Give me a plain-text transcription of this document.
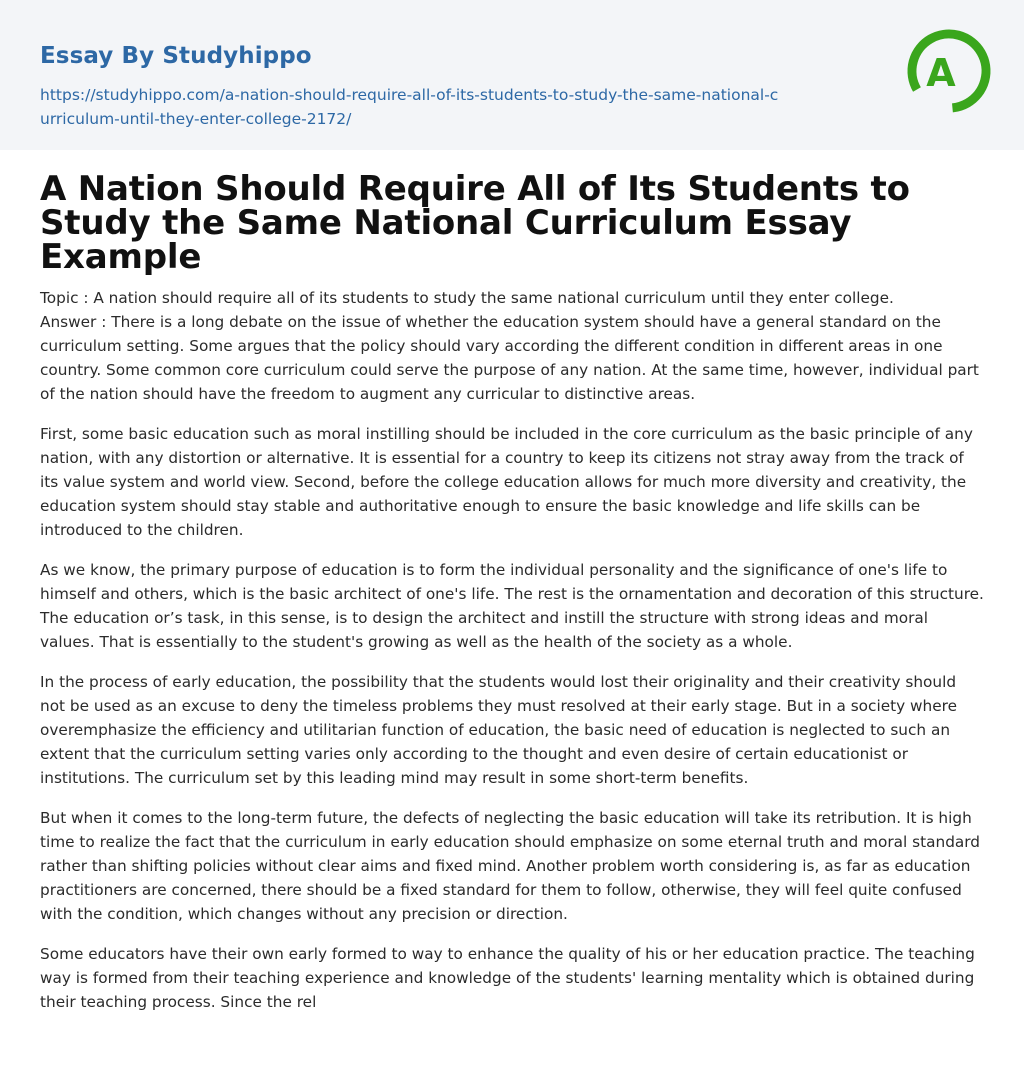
Essay By Studyhippo
https://studyhippo.com/a-nation-should-require-all-of-its-students-to-study-the-same-national-curriculum-until-they-enter-college-2172/
A
A Nation Should Require All of Its Students to Study the Same National Curriculum Essay Example

Topic : A nation should require all of its students to study the same national curriculum until they enter college.
Answer : There is a long debate on the issue of whether the education system should have a general standard on the curriculum setting. Some argues that the policy should vary according the different condition in different areas in one country. Some common core curriculum could serve the purpose of any nation. At the same time, however, individual part of the nation should have the freedom to augment any curricular to distinctive areas.

First, some basic education such as moral instilling should be included in the core curriculum as the basic principle of any nation, with any distortion or alternative. It is essential for a country to keep its citizens not stray away from the track of its value system and world view. Second, before the college education allows for much more diversity and creativity, the education system should stay stable and authoritative enough to ensure the basic knowledge and life skills can be introduced to the children.

As we know, the primary purpose of education is to form the individual personality and the significance of one's life to himself and others, which is the basic architect of one's life. The rest is the ornamentation and decoration of this structure. The education or’s task, in this sense, is to design the architect and instill the structure with strong ideas and moral values. That is essentially to the student's growing as well as the health of the society as a whole.

In the process of early education, the possibility that the students would lost their originality and their creativity should not be used as an excuse to deny the timeless problems they must resolved at their early stage. But in a society where overemphasize the efficiency and utilitarian function of education, the basic need of education is neglected to such an extent that the curriculum setting varies only according to the thought and even desire of certain educationist or institutions. The curriculum set by this leading mind may result in some short-term benefits.

But when it comes to the long-term future, the defects of neglecting the basic education will take its retribution. It is high time to realize the fact that the curriculum in early education should emphasize on some eternal truth and moral standard rather than shifting policies without clear aims and fixed mind. Another problem worth considering is, as far as education practitioners are concerned, there should be a fixed standard for them to follow, otherwise, they will feel quite confused with the condition, which changes without any precision or direction.

Some educators have their own early formed to way to enhance the quality of his or her education practice. The teaching way is formed from their teaching experience and knowledge of the students' learning mentality which is obtained during their teaching process. Since the rel
